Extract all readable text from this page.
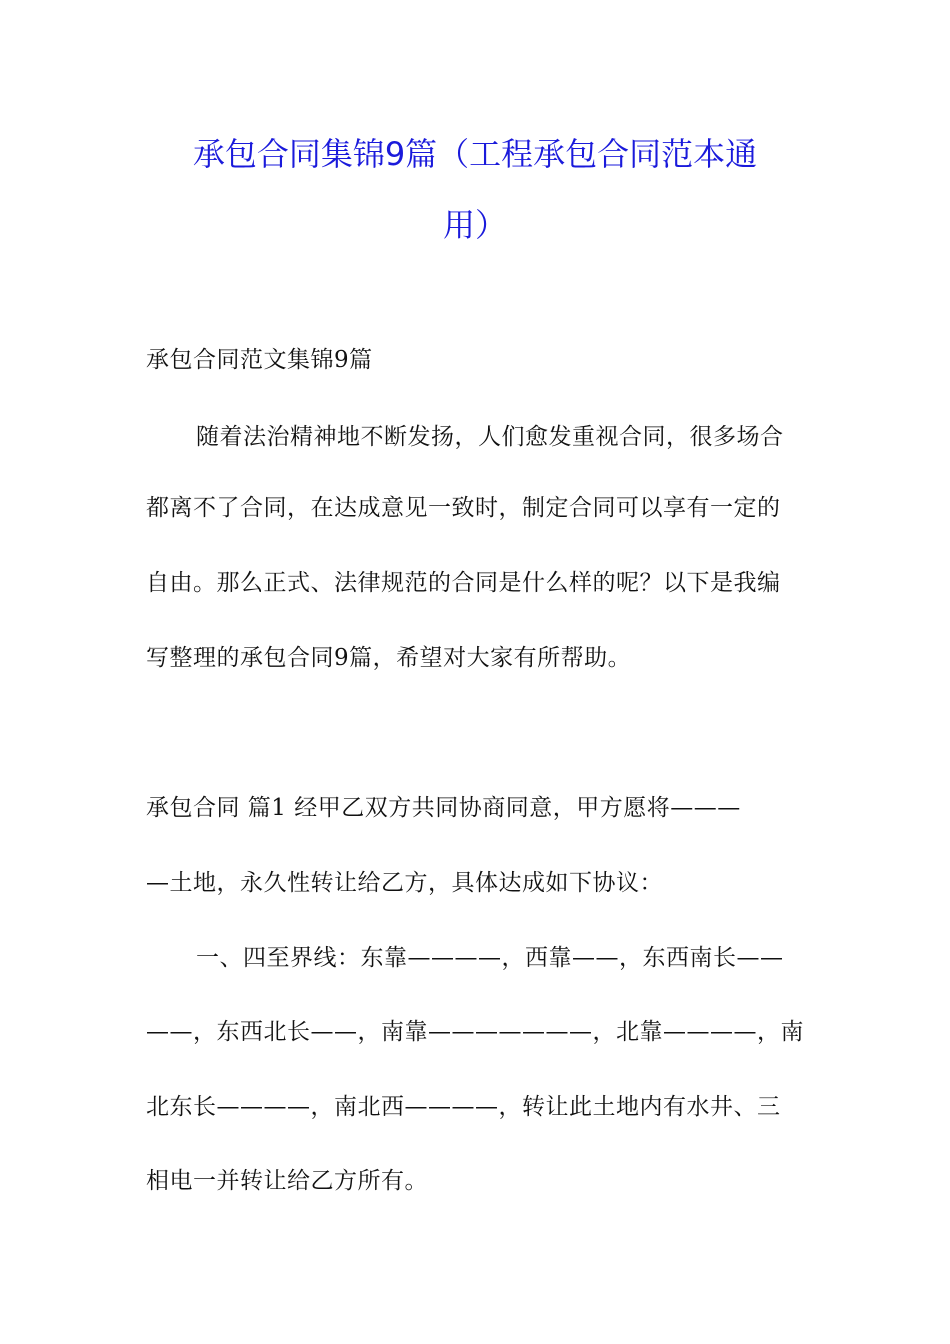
承包合同集锦9篇（工程承包合同范本通
用）
承包合同范文集锦9篇
随着法治精神地不断发扬，人们愈发重视合同，很多场合
都离不了合同，在达成意见一致时，制定合同可以享有一定的
自由。那么正式、法律规范的合同是什么样的呢？以下是我编
写整理的承包合同9篇，希望对大家有所帮助。
承包合同 篇1 经甲乙双方共同协商同意，甲方愿将———
—土地，永久性转让给乙方，具体达成如下协议：
一、四至界线：东靠————，西靠——，东西南长——
——，东西北长——，南靠———————，北靠————，南
北东长————，南北西————，转让此土地内有水井、三
相电一并转让给乙方所有。
